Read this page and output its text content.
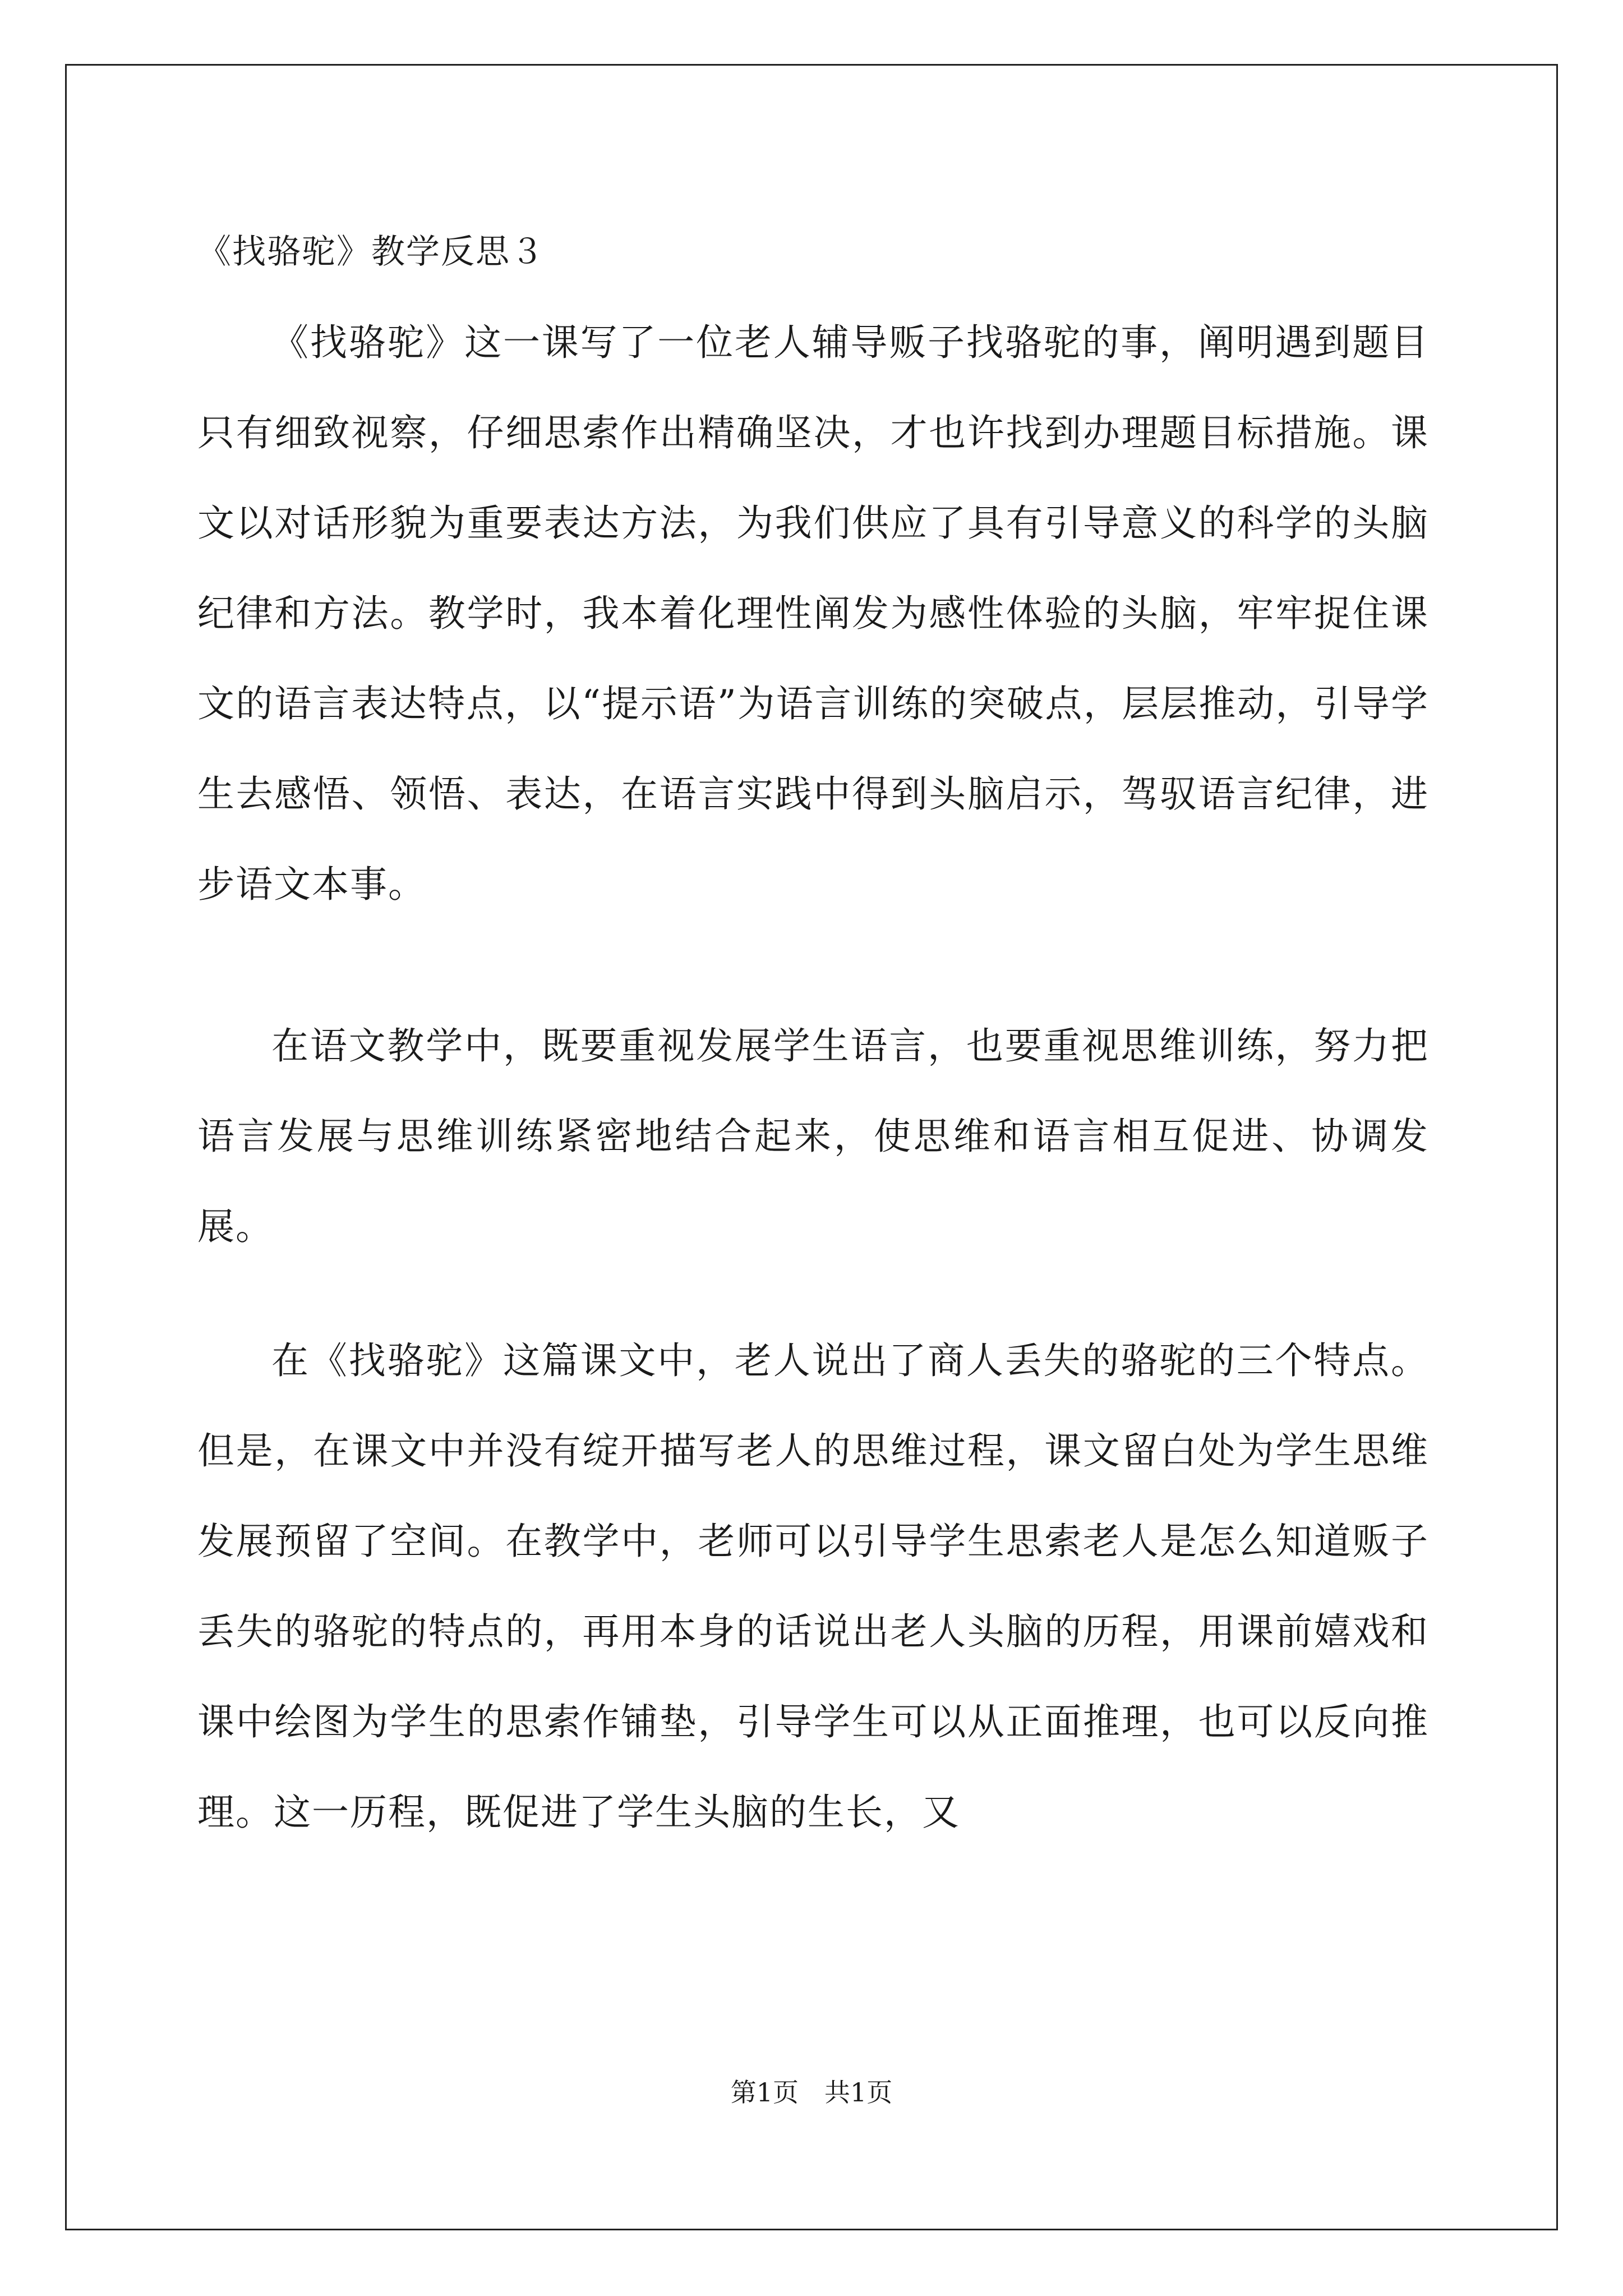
《找骆驼》教学反思３

《找骆驼》这一课写了一位老人辅导贩子找骆驼的事，阐明遇到题目只有细致视察，仔细思索作出精确坚决，才也许找到办理题目标措施。课文以对话形貌为重要表达方法，为我们供应了具有引导意义的科学的头脑纪律和方法。教学时，我本着化理性阐发为感性体验的头脑，牢牢捉住课文的语言表达特点，以“提示语”为语言训练的突破点，层层推动，引导学生去感悟、领悟、表达，在语言实践中得到头脑启示，驾驭语言纪律，进步语文本事。

在语文教学中，既要重视发展学生语言，也要重视思维训练，努力把语言发展与思维训练紧密地结合起来，使思维和语言相互促进、协调发展。

在《找骆驼》这篇课文中，老人说出了商人丢失的骆驼的三个特点。但是，在课文中并没有绽开描写老人的思维过程，课文留白处为学生思维发展预留了空间。在教学中，老师可以引导学生思索老人是怎么知道贩子丢失的骆驼的特点的，再用本身的话说出老人头脑的历程，用课前嬉戏和课中绘图为学生的思索作铺垫，引导学生可以从正面推理，也可以反向推理。这一历程，既促进了学生头脑的生长，又

第1页　共1页
